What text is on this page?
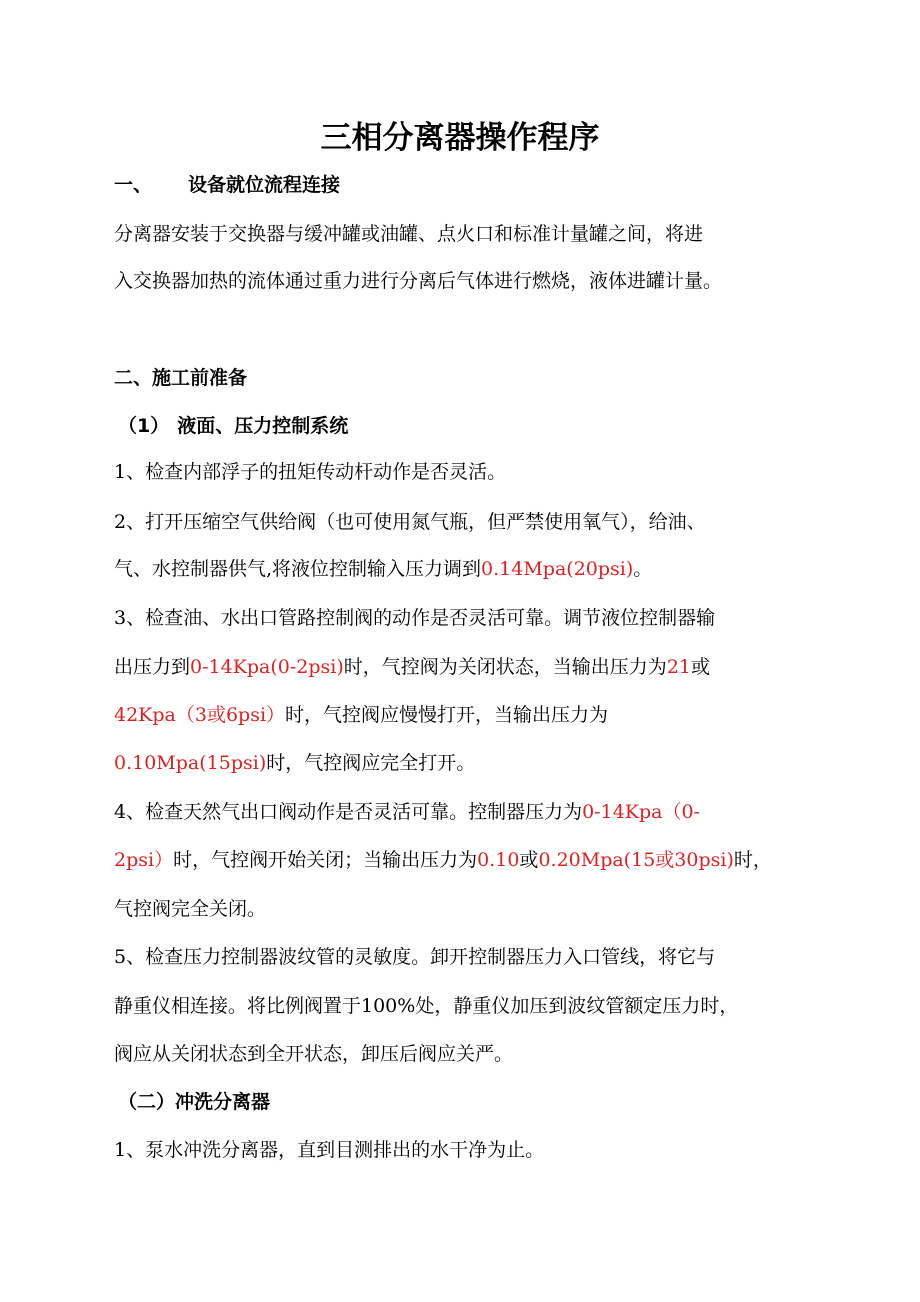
三相分离器操作程序

一、 设备就位流程连接

分离器安装于交换器与缓冲罐或油罐、点火口和标准计量罐之间，将进

入交换器加热的流体通过重力进行分离后气体进行燃烧，液体进罐计量。

二、施工前准备

（1） 液面、压力控制系统

1、检查内部浮子的扭矩传动杆动作是否灵活。

2、打开压缩空气供给阀（也可使用氮气瓶，但严禁使用氧气），给油、

气、水控制器供气,将液位控制输入压力调到0.14Mpa(20psi)。

3、检查油、水出口管路控制阀的动作是否灵活可靠。调节液位控制器输

出压力到0-14Kpa(0-2psi)时，气控阀为关闭状态，当输出压力为21或

42Kpa（3或6psi）时，气控阀应慢慢打开，当输出压力为

0.10Mpa(15psi)时，气控阀应完全打开。

4、检查天然气出口阀动作是否灵活可靠。控制器压力为0-14Kpa（0-

2psi）时，气控阀开始关闭；当输出压力为0.10或0.20Mpa(15或30psi)时，

气控阀完全关闭。

5、检查压力控制器波纹管的灵敏度。卸开控制器压力入口管线，将它与

静重仪相连接。将比例阀置于100%处，静重仪加压到波纹管额定压力时，

阀应从关闭状态到全开状态，卸压后阀应关严。

（二）冲洗分离器

1、泵水冲洗分离器，直到目测排出的水干净为止。
